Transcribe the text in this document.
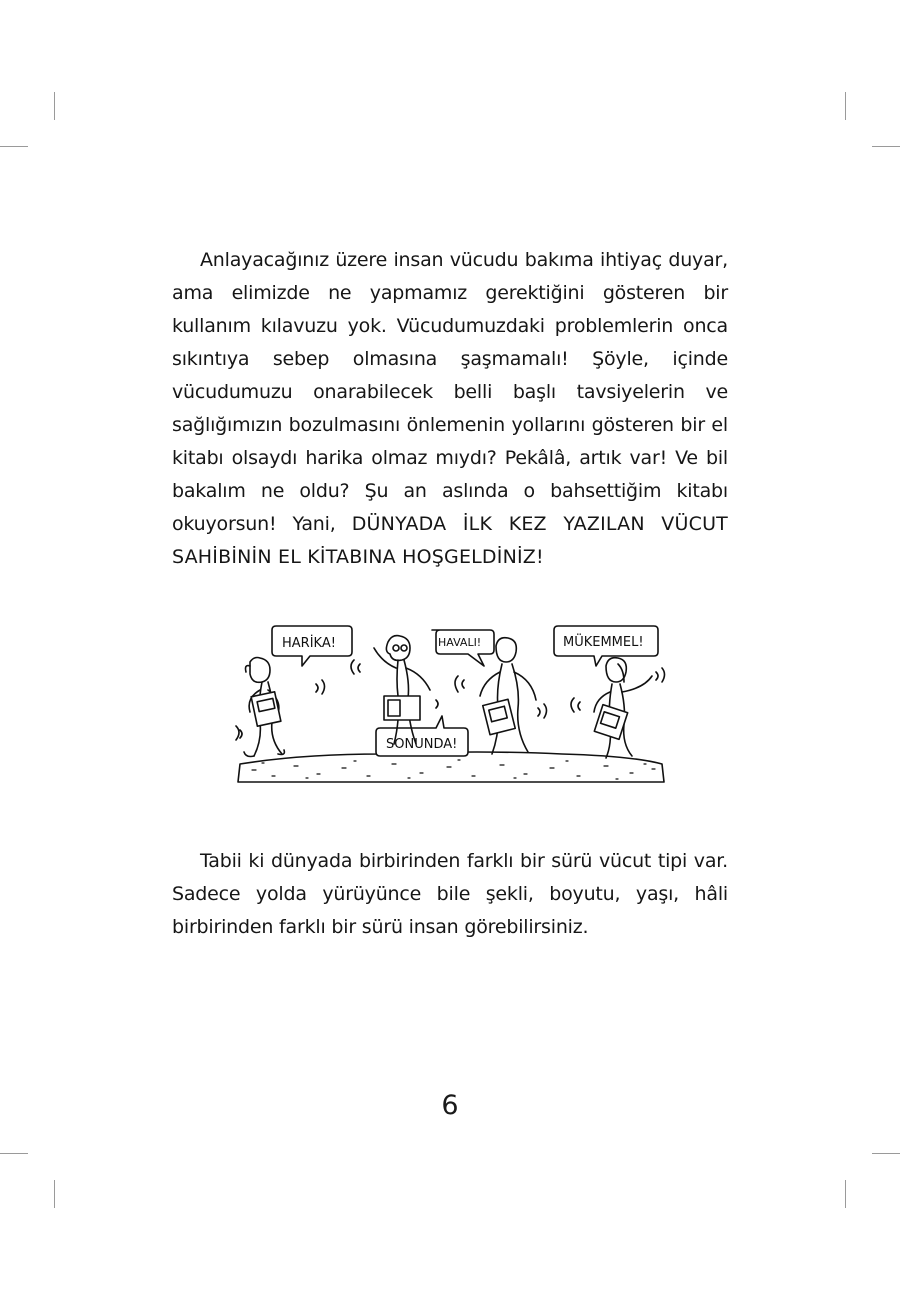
Anlayacağınız üzere insan vücudu bakıma ihtiyaç duyar, ama elimizde ne yapmamız gerektiğini gösteren bir kullanım kılavuzu yok. Vücudumuzdaki problemlerin onca sıkıntıya sebep olmasına şaşmamalı! Şöyle, içinde vücudumuzu onarabilecek belli başlı tavsiyelerin ve sağlığımızın bozulmasını önlemenin yollarını gösteren bir el kitabı olsaydı harika olmaz mıydı? Pekâlâ, artık var! Ve bil bakalım ne oldu? Şu an aslında o bahsettiğim kitabı okuyorsun! Yani, DÜNYADA İLK KEZ YAZILAN VÜCUT SAHİBİNİN EL KİTABINA HOŞGELDİNİZ!

HARİKA!	HAVALI!	MÜKEMMEL!
SONUNDA!

Tabii ki dünyada birbirinden farklı bir sürü vücut tipi var. Sadece yolda yürüyünce bile şekli, boyutu, yaşı, hâli birbirinden farklı bir sürü insan görebilirsiniz.

6
